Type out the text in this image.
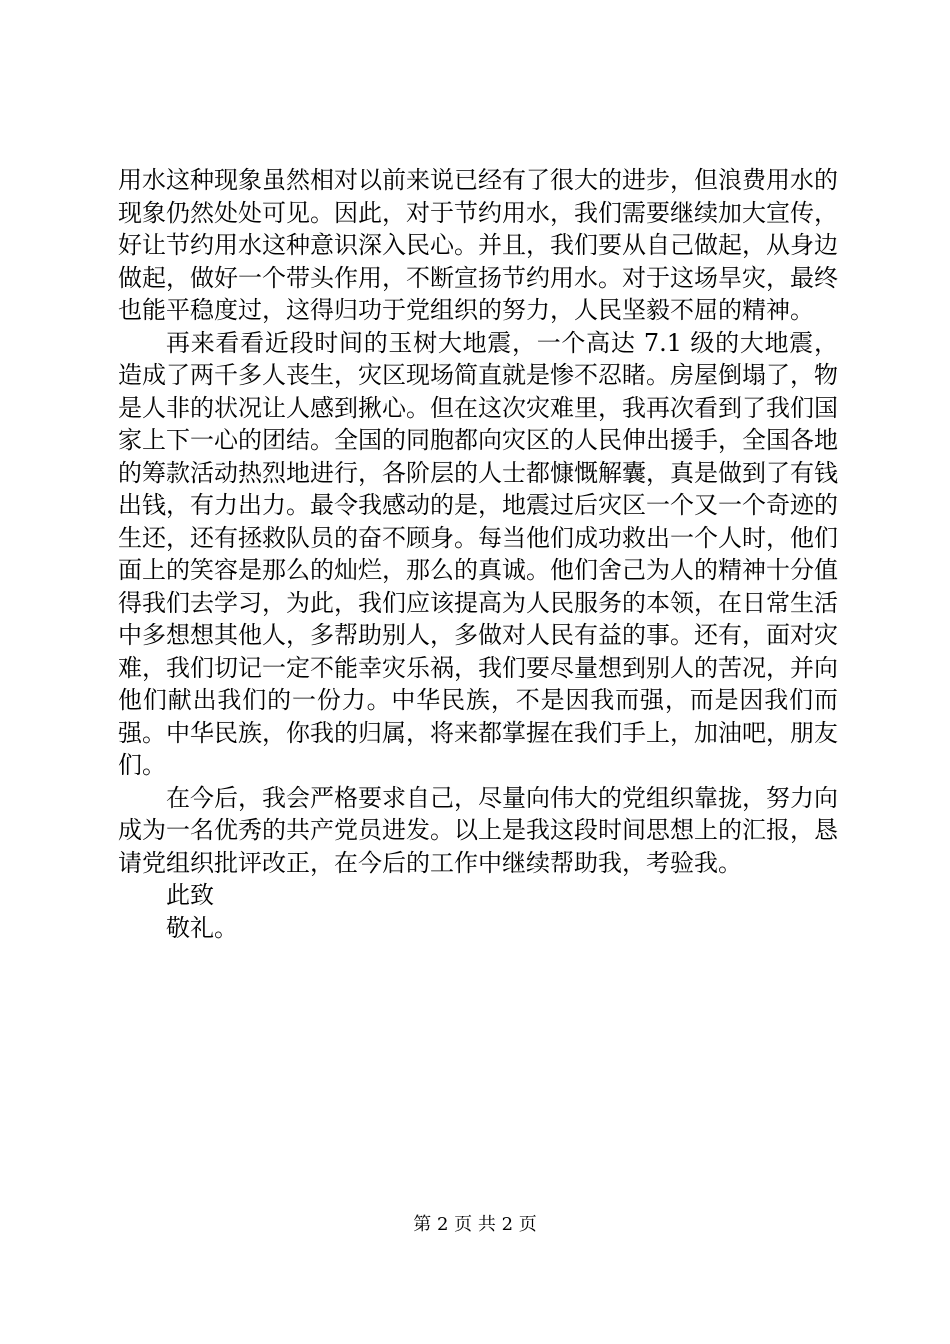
用水这种现象虽然相对以前来说已经有了很大的进步，但浪费用水的现象仍然处处可见。因此，对于节约用水，我们需要继续加大宣传，好让节约用水这种意识深入民心。并且，我们要从自己做起，从身边做起，做好一个带头作用，不断宣扬节约用水。对于这场旱灾，最终也能平稳度过，这得归功于党组织的努力，人民坚毅不屈的精神。

再来看看近段时间的玉树大地震，一个高达 7.1 级的大地震，造成了两千多人丧生，灾区现场简直就是惨不忍睹。房屋倒塌了，物是人非的状况让人感到揪心。但在这次灾难里，我再次看到了我们国家上下一心的团结。全国的同胞都向灾区的人民伸出援手，全国各地的筹款活动热烈地进行，各阶层的人士都慷慨解囊，真是做到了有钱出钱，有力出力。最令我感动的是，地震过后灾区一个又一个奇迹的生还，还有拯救队员的奋不顾身。每当他们成功救出一个人时，他们面上的笑容是那么的灿烂，那么的真诚。他们舍己为人的精神十分值得我们去学习，为此，我们应该提高为人民服务的本领，在日常生活中多想想其他人，多帮助别人，多做对人民有益的事。还有，面对灾难，我们切记一定不能幸灾乐祸，我们要尽量想到别人的苦况，并向他们献出我们的一份力。中华民族，不是因我而强，而是因我们而强。中华民族，你我的归属，将来都掌握在我们手上，加油吧，朋友们。

在今后，我会严格要求自己，尽量向伟大的党组织靠拢，努力向成为一名优秀的共产党员进发。以上是我这段时间思想上的汇报，恳请党组织批评改正，在今后的工作中继续帮助我，考验我。

此致

敬礼。

第 2 页 共 2 页
